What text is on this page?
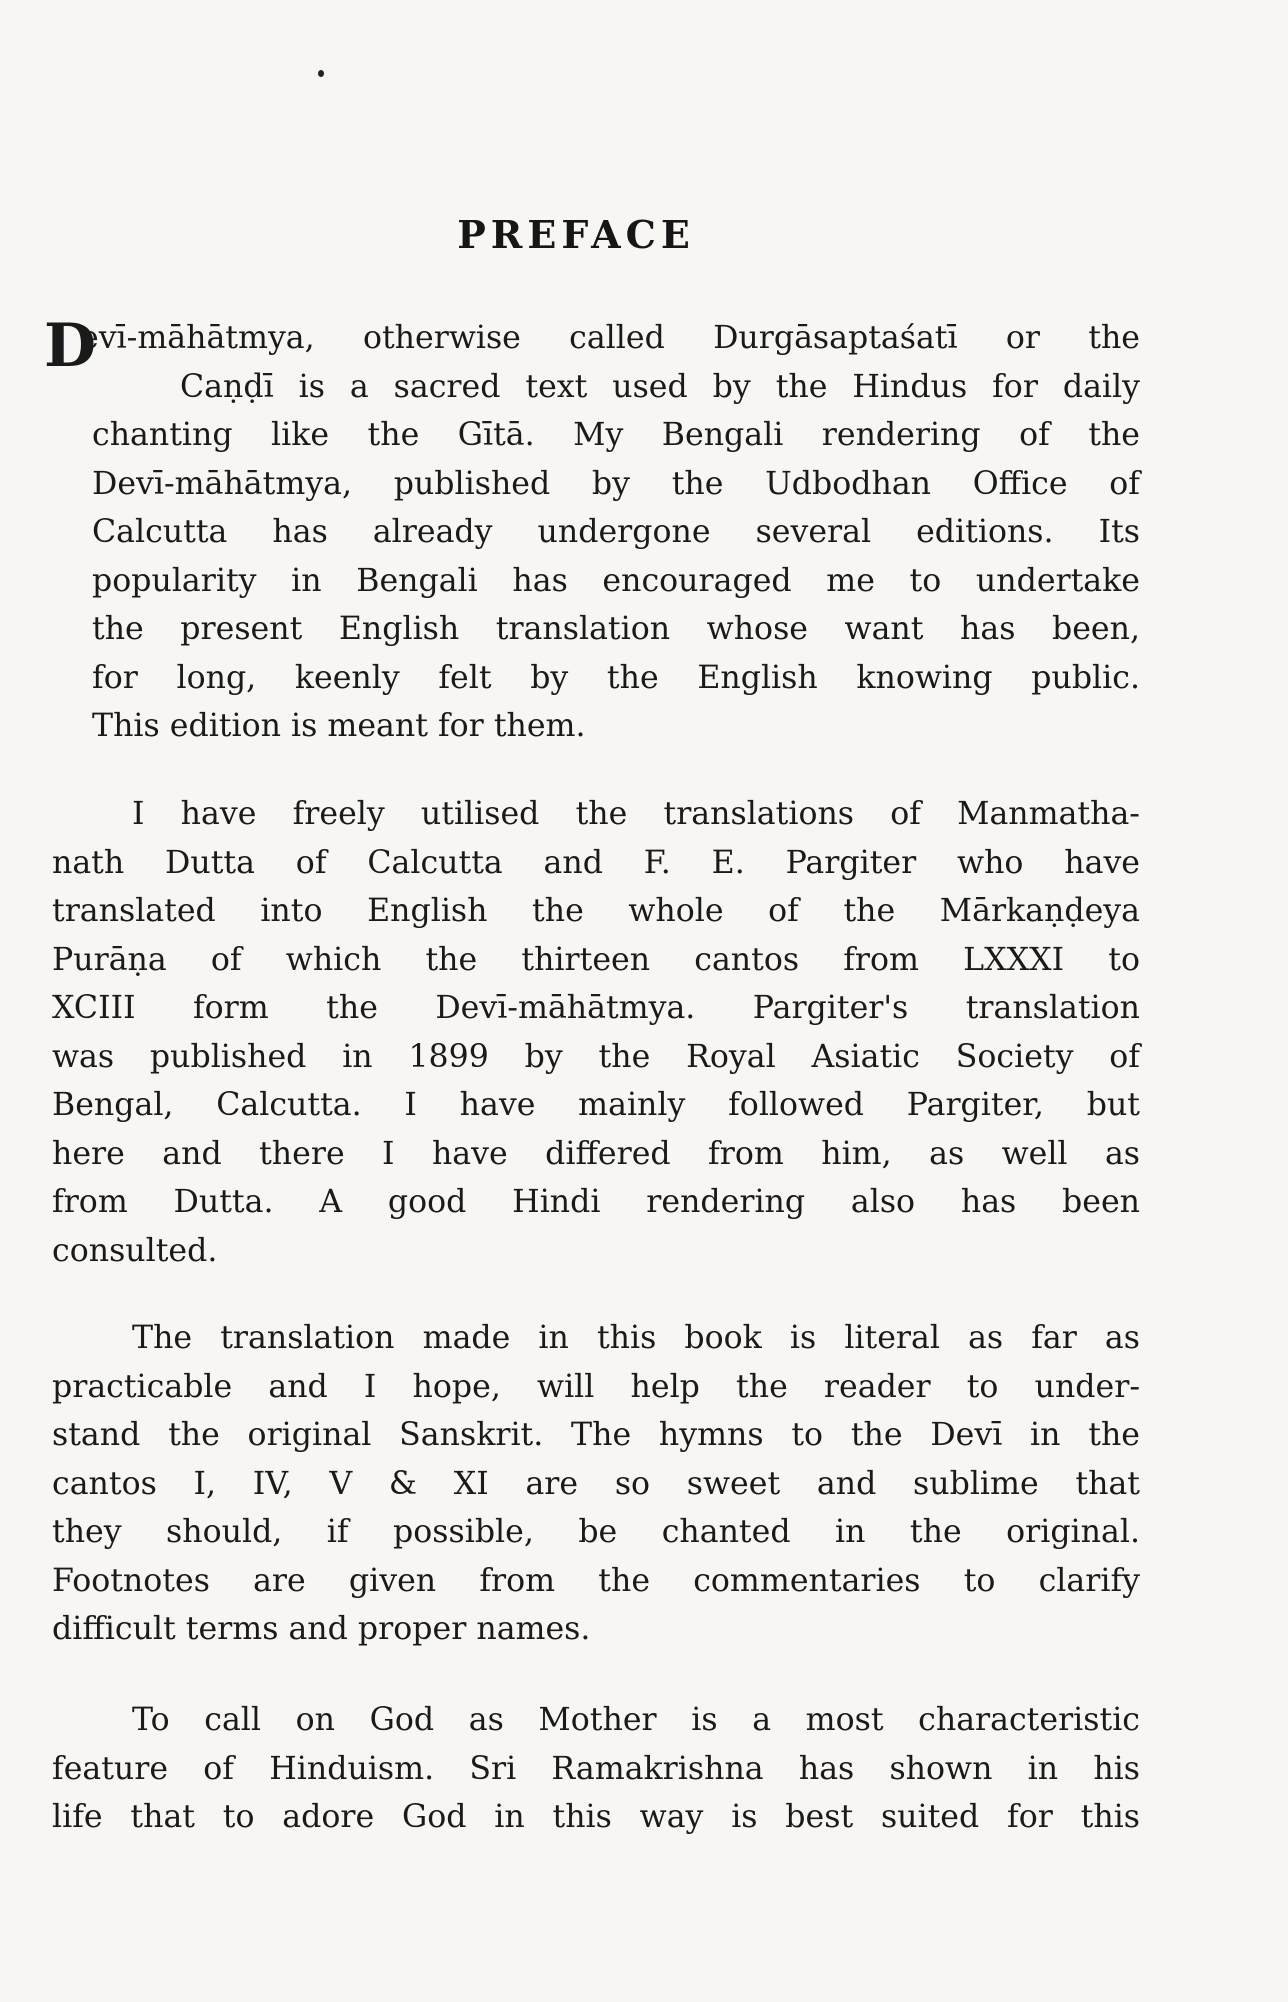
PREFACE
D
evī-māhātmya, otherwise called Durgāsaptaśatī or the
Caṇḍī is a sacred text used by the Hindus for daily
chanting like the Gītā. My Bengali rendering of the
Devī-māhātmya, published by the Udbodhan Office of
Calcutta has already undergone several editions. Its
popularity in Bengali has encouraged me to undertake
the present English translation whose want has been,
for long, keenly felt by the English knowing public.
This edition is meant for them.
I have freely utilised the translations of Manmatha-
nath Dutta of Calcutta and F. E. Pargiter who have
translated into English the whole of the Mārkaṇḍeya
Purāṇa of which the thirteen cantos from LXXXI to
XCIII form the Devī-māhātmya. Pargiter's translation
was published in 1899 by the Royal Asiatic Society of
Bengal, Calcutta. I have mainly followed Pargiter, but
here and there I have differed from him, as well as
from Dutta. A good Hindi rendering also has been
consulted.
The translation made in this book is literal as far as
practicable and I hope, will help the reader to under-
stand the original Sanskrit. The hymns to the Devī in the
cantos I, IV, V & XI are so sweet and sublime that
they should, if possible, be chanted in the original.
Footnotes are given from the commentaries to clarify
difficult terms and proper names.
To call on God as Mother is a most characteristic
feature of Hinduism. Sri Ramakrishna has shown in his
life that to adore God in this way is best suited for this
